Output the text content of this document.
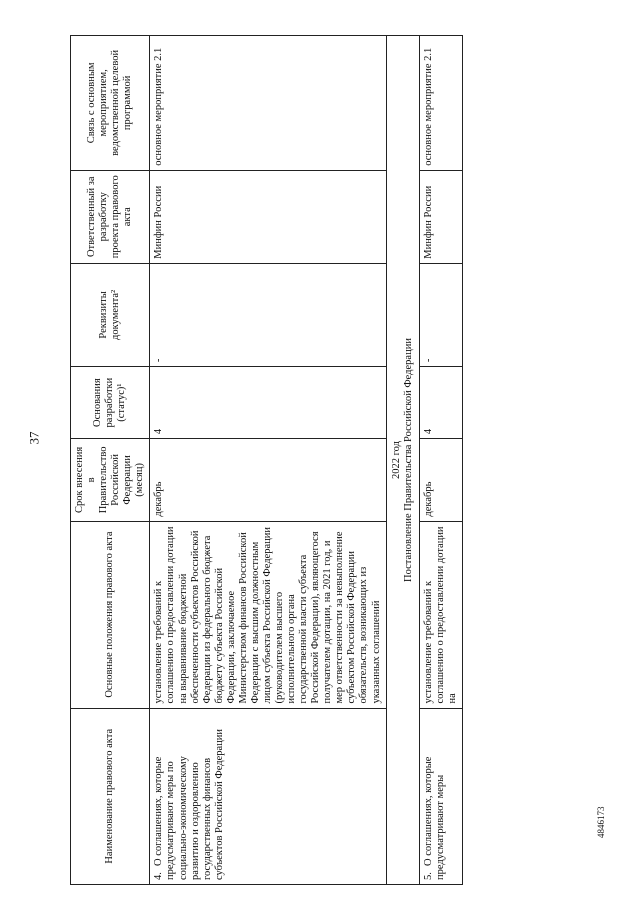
37
Наименование правового акта	Основные положения правового акта	Срок внесения в Правительство Российской Федерации (месяц)	Основания разработки (статус)¹	Реквизиты документа²	Ответственный за разработку проекта правового акта	Связь с основным мероприятием, ведомственной целевой программой
4.О соглашениях, которые предусматривают меры по социально-экономическому развитию и оздоровлению государственных финансов субъектов Российской Федерации	установление требований к соглашению о предоставлении дотации на выравнивание бюджетной обеспеченности субъектов Российской Федерации из федерального бюджета бюджету субъекта Российской Федерации, заключаемое Министерством финансов Российской Федерации с высшим должностным лицом субъекта Российской Федерации (руководителем высшего исполнительного органа государственной власти субъекта Российской Федерации), являющегося получателем дотации, на 2021 год, и мер ответственности за невыполнение субъектом Российской Федерации обязательств, возникающих из указанных соглашений	декабрь	4	-	Минфин России	основное мероприятие 2.1

2022 год Постановление Правительства Российской Федерации						

5.О соглашениях, которые предусматривают меры	установление требований к соглашению о предоставлении дотации на	декабрь	4	-	Минфин России	основное мероприятие 2.1
4846173
